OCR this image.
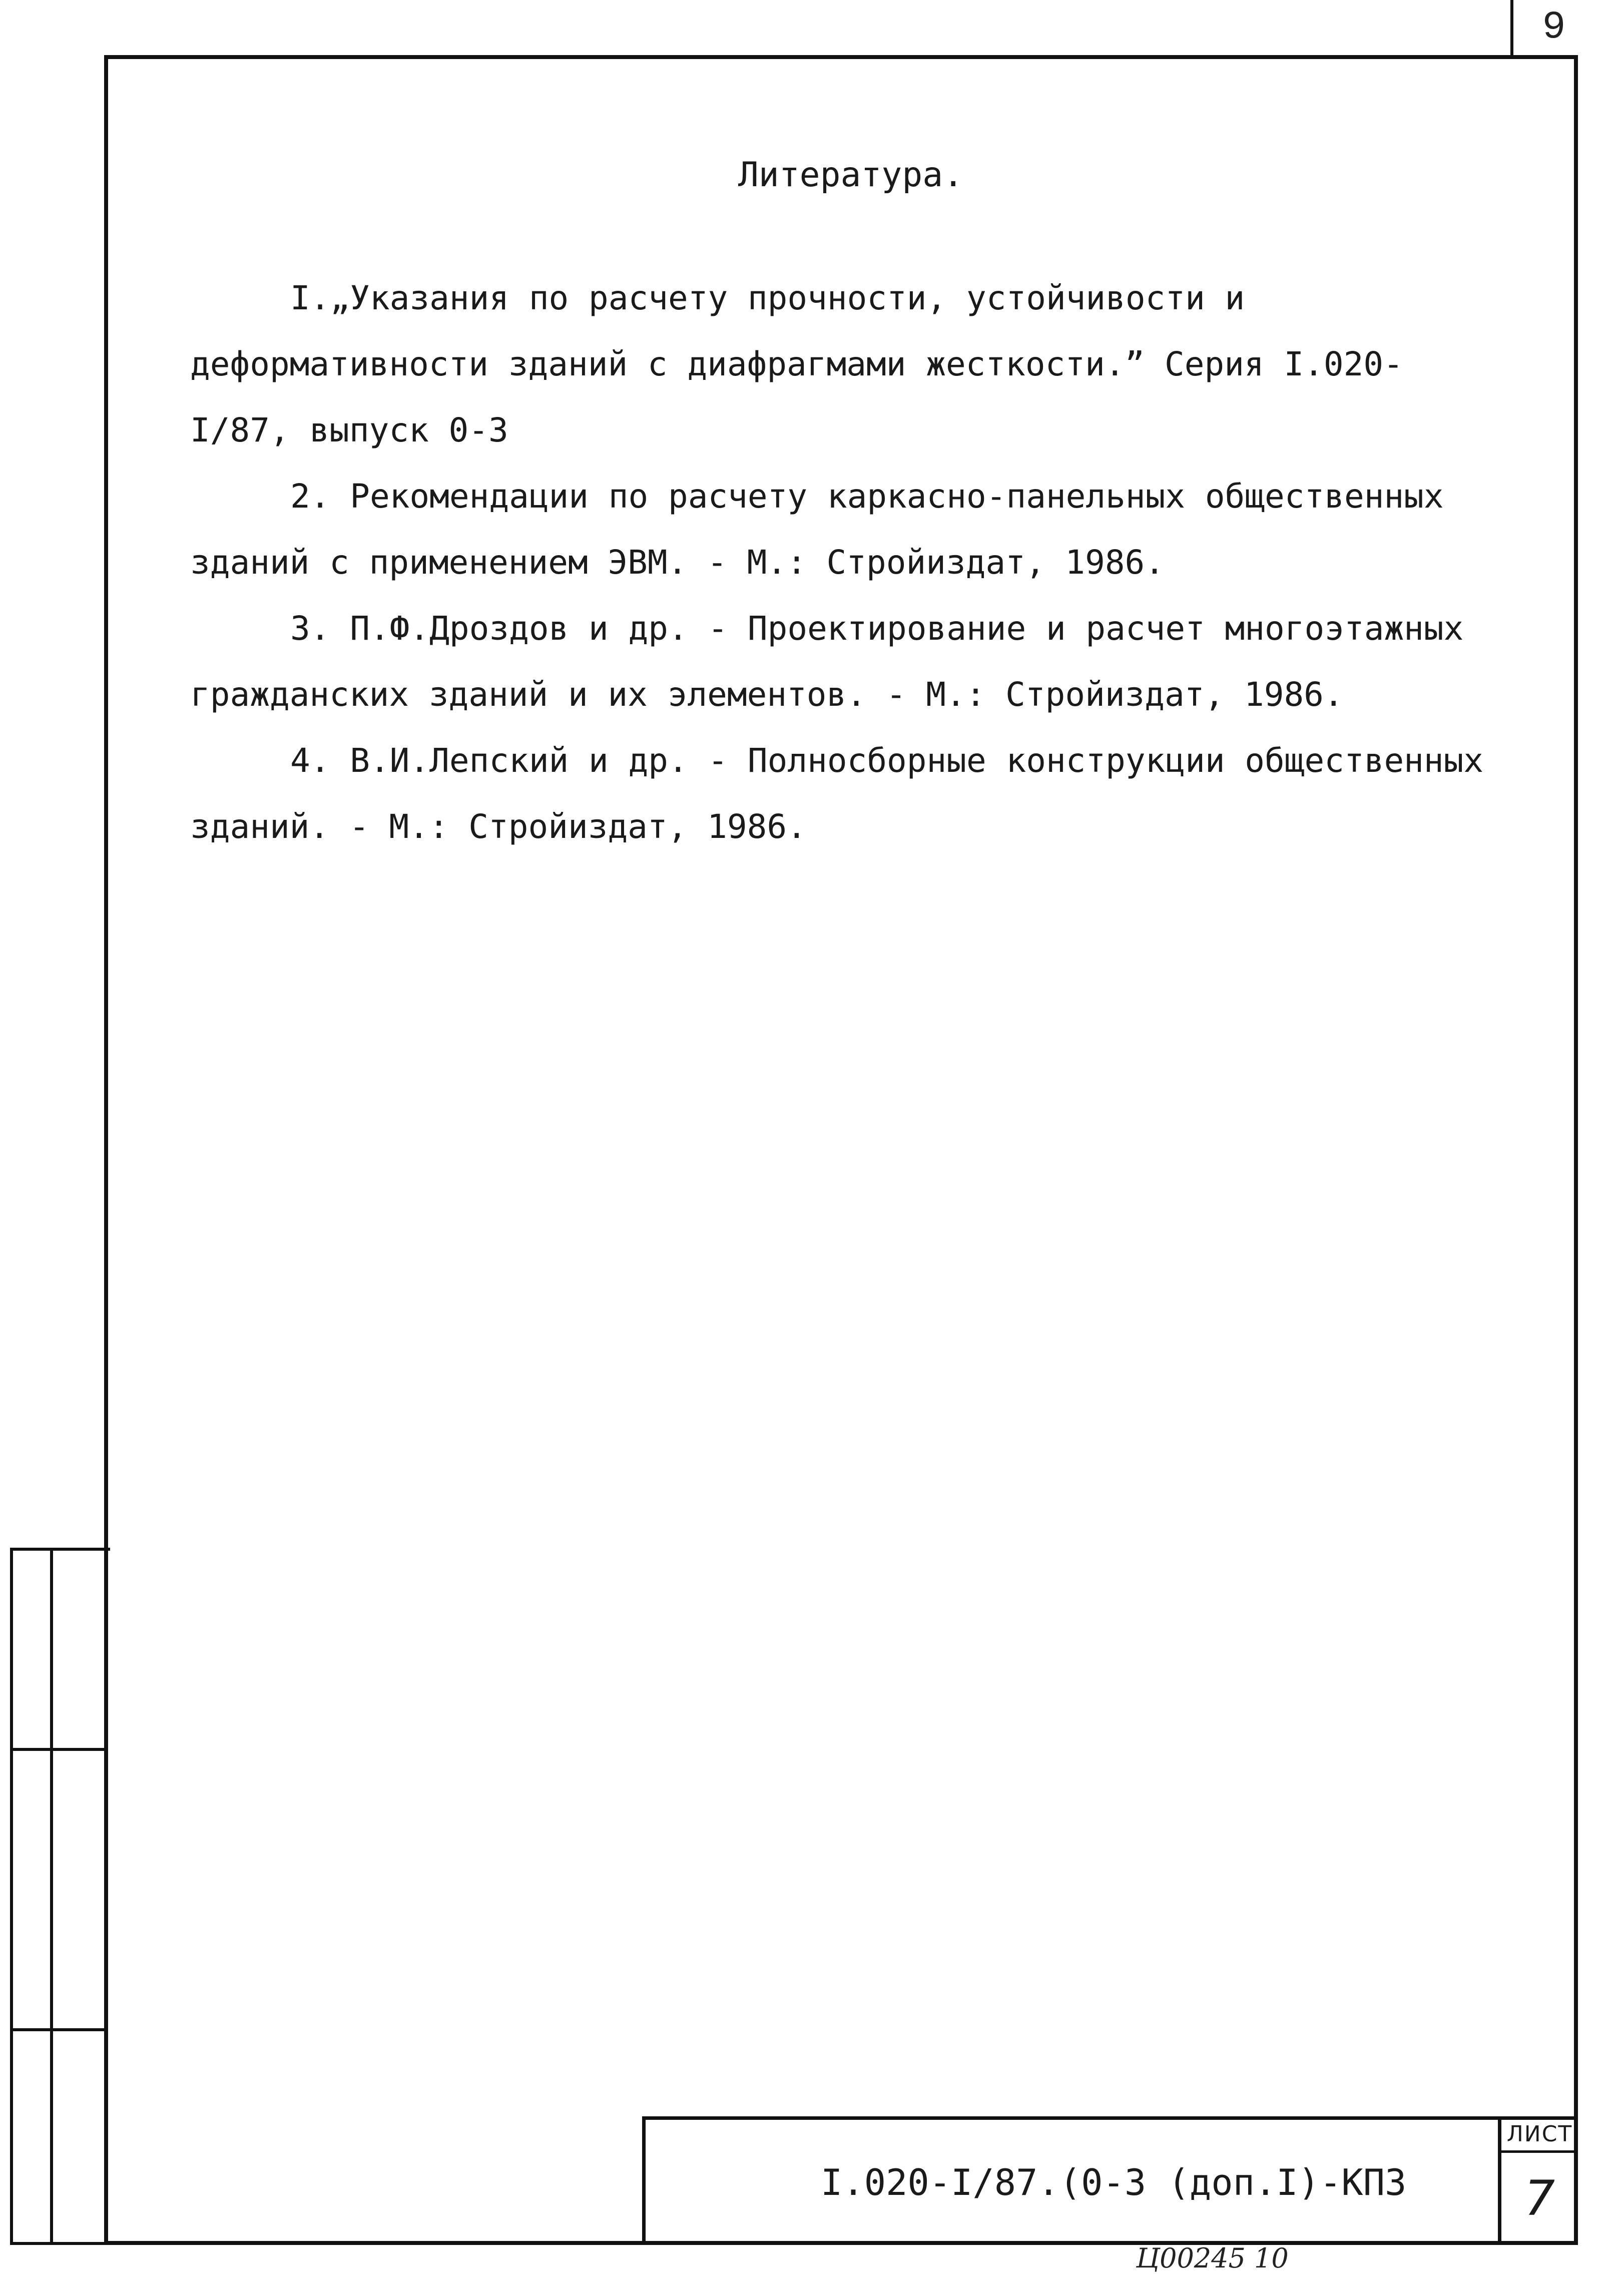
9
Литература.

I.„Указания по расчету прочности, устойчивости и деформативности зданий с диафрагмами жесткости.” Серия I.020-I/87, выпуск 0-3

2. Рекомендации по расчету каркасно-панельных общественных зданий с применением ЭВМ. - М.: Стройиздат, 1986.

3. П.Ф.Дроздов и др. - Проектирование и расчет многоэтажных гражданских зданий и их элементов. - М.: Стройиздат, 1986.

4. В.И.Лепский и др. - Полносборные конструкции общественных зданий. - М.: Стройиздат, 1986.

I.020-I/87.(0-3 (доп.I)-КПЗ
ЛИСТ
7
Ц00245 10
